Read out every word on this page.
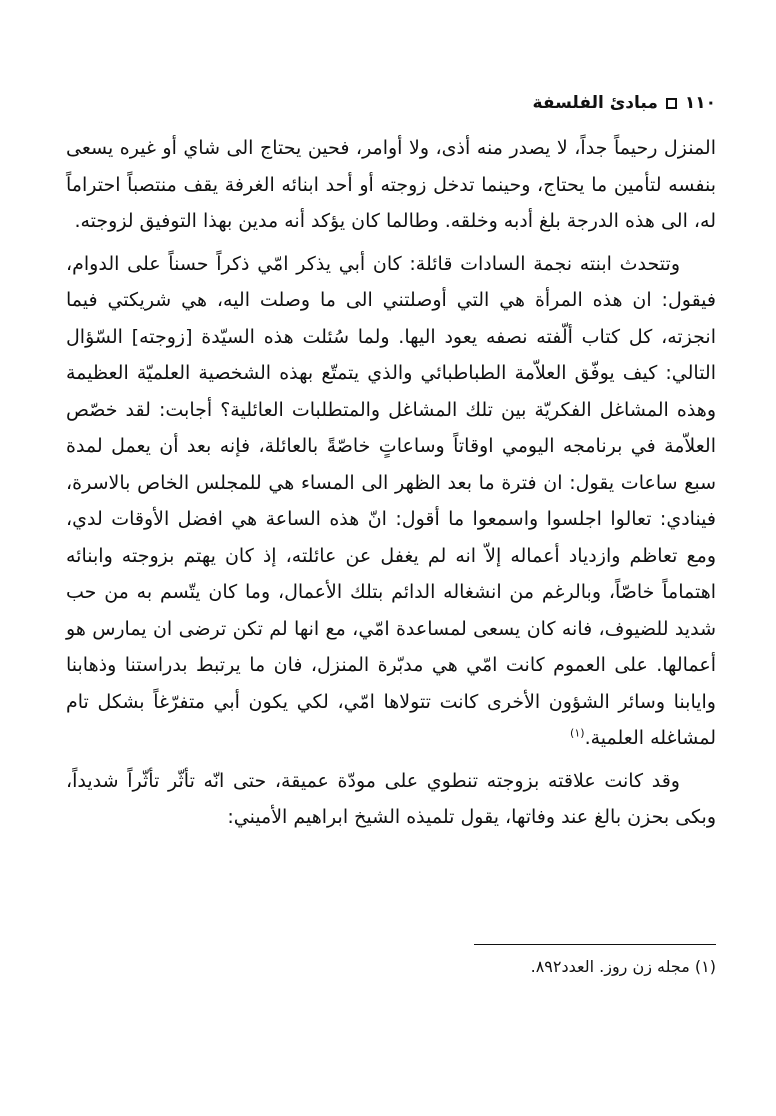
١١٠
مبادئ الفلسفة

المنزل رحيماً جداً، لا يصدر منه أذى، ولا أوامر، فحين يحتاج الى شاي أو غيره يسعى بنفسه لتأمين ما يحتاج، وحينما تدخل زوجته أو أحد ابنائه الغرفة يقف منتصباً احتراماً له، الى هذه الدرجة بلغ أدبه وخلقه. وطالما كان يؤكد أنه مدين بهذا التوفيق لزوجته.

وتتحدث ابنته نجمة السادات قائلة: كان أبي يذكر امّي ذكراً حسناً على الدوام، فيقول: ان هذه المرأة هي التي أوصلتني الى ما وصلت اليه، هي شريكتي فيما انجزته، كل كتاب ألّفته نصفه يعود اليها. ولما سُئلت هذه السيّدة [زوجته] السّؤال التالي: كيف يوفّق العلاّمة الطباطبائي والذي يتمتّع بهذه الشخصية العلميّة العظيمة وهذه المشاغل الفكريّة بين تلك المشاغل والمتطلبات العائلية؟ أجابت: لقد خصّص العلاّمة في برنامجه اليومي اوقاتاً وساعاتٍ خاصّةً بالعائلة، فإنه بعد أن يعمل لمدة سبع ساعات يقول: ان فترة ما بعد الظهر الى المساء هي للمجلس الخاص بالاسرة، فينادي: تعالوا اجلسوا واسمعوا ما أقول: انّ هذه الساعة هي افضل الأوقات لدي، ومع تعاظم وازدياد أعماله إلاّ انه لم يغفل عن عائلته، إذ كان يهتم بزوجته وابنائه اهتماماً خاصّاً، وبالرغم من انشغاله الدائم بتلك الأعمال، وما كان يتّسم به من حب شديد للضيوف، فانه كان يسعى لمساعدة امّي، مع انها لم تكن ترضى ان يمارس هو أعمالها. على العموم كانت امّي هي مدبّرة المنزل، فان ما يرتبط بدراستنا وذهابنا وايابنا وسائر الشؤون الأخرى كانت تتولاها امّي، لكي يكون أبي متفرّغاً بشكل تام لمشاغله العلمية.$^{(١)}$

وقد كانت علاقته بزوجته تنطوي على مودّة عميقة، حتى انّه تأثّر تأثّراً شديداً، وبكى بحزن بالغ عند وفاتها، يقول تلميذه الشيخ ابراهيم الأميني:

(١) مجله زن روز. العدد٨٩٢.
